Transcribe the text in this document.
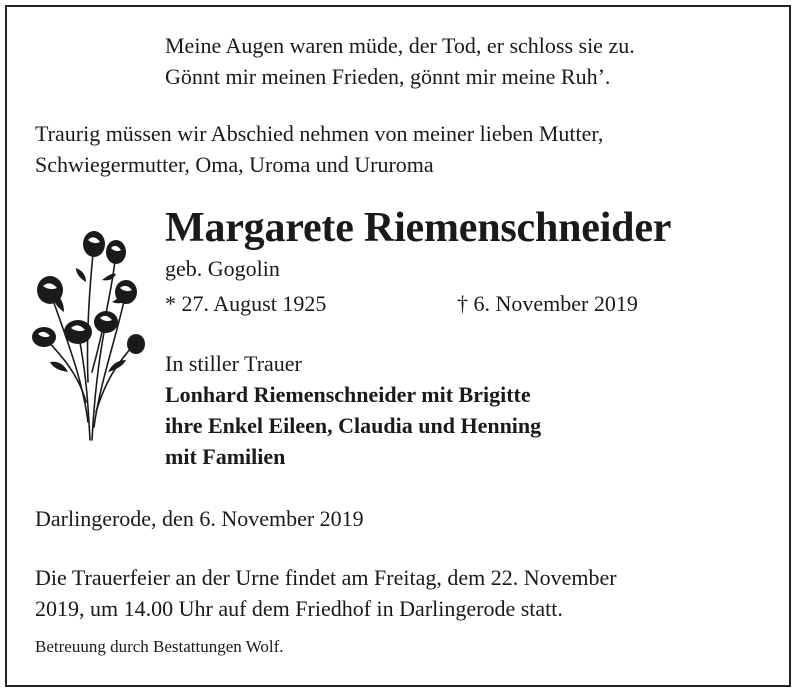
Meine Augen waren müde, der Tod, er schloss sie zu.
Gönnt mir meinen Frieden, gönnt mir meine Ruh’.
Traurig müssen wir Abschied nehmen von meiner lieben Mutter,
Schwiegermutter, Oma, Uroma und Ururoma
Margarete Riemenschneider
geb. Gogolin
* 27. August 1925	† 6. November 2019
In stiller Trauer
Lonhard Riemenschneider mit Brigitte
ihre Enkel Eileen, Claudia und Henning
mit Familien
Darlingerode, den 6. November 2019
Die Trauerfeier an der Urne findet am Freitag, dem 22. November
2019, um 14.00 Uhr auf dem Friedhof in Darlingerode statt.
Betreuung durch Bestattungen Wolf.
